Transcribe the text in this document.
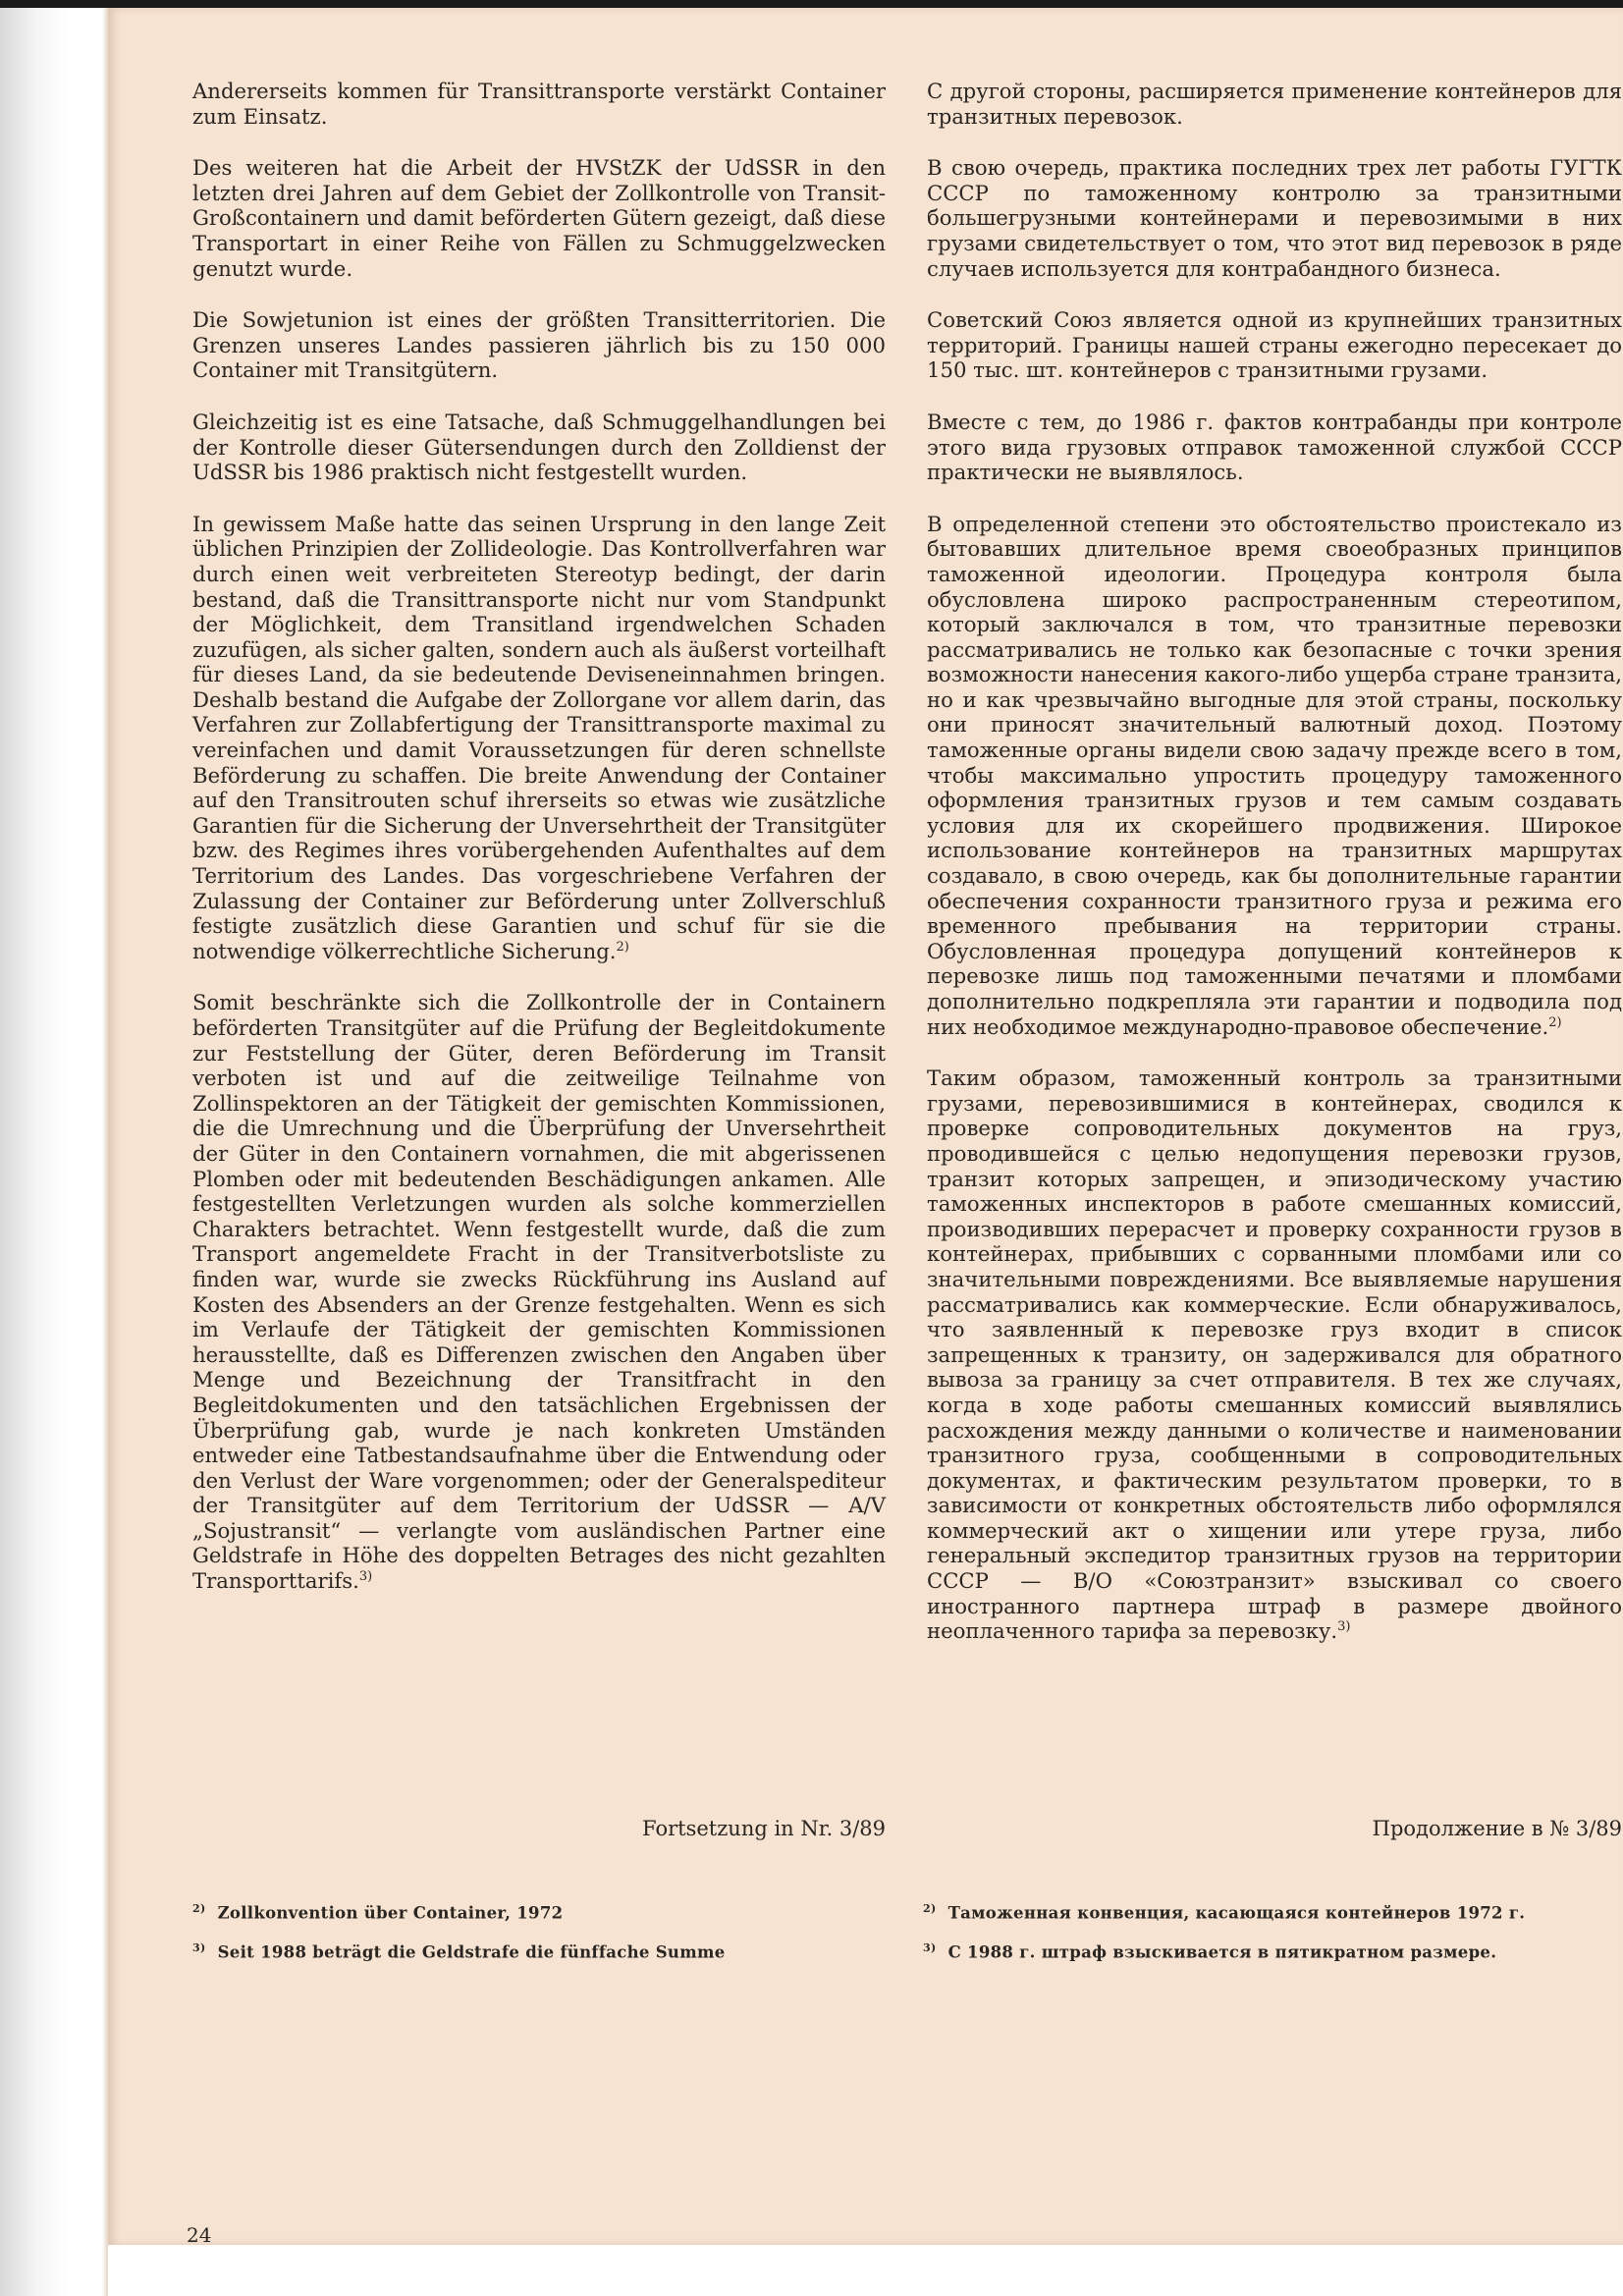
Andererseits kommen für Transittransporte verstärkt Container zum Einsatz.

Des weiteren hat die Arbeit der HVStZK der UdSSR in den letzten drei Jahren auf dem Gebiet der Zollkontrolle von Transit-Großcontainern und damit beförderten Gütern gezeigt, daß diese Transportart in einer Reihe von Fällen zu Schmuggelzwecken genutzt wurde.

Die Sowjetunion ist eines der größten Transitterritorien. Die Grenzen unseres Landes passieren jährlich bis zu 150 000 Container mit Transitgütern.

Gleichzeitig ist es eine Tatsache, daß Schmuggelhandlungen bei der Kontrolle dieser Gütersendungen durch den Zolldienst der UdSSR bis 1986 praktisch nicht festgestellt wurden.

In gewissem Maße hatte das seinen Ursprung in den lange Zeit üblichen Prinzipien der Zollideologie. Das Kontrollverfahren war durch einen weit verbreiteten Stereotyp bedingt, der darin bestand, daß die Transittransporte nicht nur vom Standpunkt der Möglichkeit, dem Transitland irgendwelchen Schaden zuzufügen, als sicher galten, sondern auch als äußerst vorteilhaft für dieses Land, da sie bedeutende Deviseneinnahmen bringen. Deshalb bestand die Aufgabe der Zollorgane vor allem darin, das Verfahren zur Zollabfertigung der Transittransporte maximal zu vereinfachen und damit Voraussetzungen für deren schnellste Beförderung zu schaffen. Die breite Anwendung der Container auf den Transitrouten schuf ihrerseits so etwas wie zusätzliche Garantien für die Sicherung der Unversehrtheit der Transitgüter bzw. des Regimes ihres vorübergehenden Aufenthaltes auf dem Territorium des Landes. Das vorgeschriebene Verfahren der Zulassung der Container zur Beförderung unter Zollverschluß festigte zusätzlich diese Garantien und schuf für sie die notwendige völkerrechtliche Sicherung.$^{2)}$

Somit beschränkte sich die Zollkontrolle der in Containern beförderten Transitgüter auf die Prüfung der Begleitdokumente zur Feststellung der Güter, deren Beförderung im Transit verboten ist und auf die zeitweilige Teilnahme von Zollinspektoren an der Tätigkeit der gemischten Kommissionen, die die Umrechnung und die Überprüfung der Unversehrtheit der Güter in den Containern vornahmen, die mit abgerissenen Plomben oder mit bedeutenden Beschädigungen ankamen. Alle festgestellten Verletzungen wurden als solche kommerziellen Charakters betrachtet. Wenn festgestellt wurde, daß die zum Transport angemeldete Fracht in der Transitverbotsliste zu finden war, wurde sie zwecks Rückführung ins Ausland auf Kosten des Absenders an der Grenze festgehalten. Wenn es sich im Verlaufe der Tätigkeit der gemischten Kommissionen herausstellte, daß es Differenzen zwischen den Angaben über Menge und Bezeichnung der Transitfracht in den Begleitdokumenten und den tatsächlichen Ergebnissen der Überprüfung gab, wurde je nach konkreten Umständen entweder eine Tatbestandsaufnahme über die Entwendung oder den Verlust der Ware vorgenommen; oder der Generalspediteur der Transitgüter auf dem Territorium der UdSSR — A/V „Sojustransit“ — verlangte vom ausländischen Partner eine Geldstrafe in Höhe des doppelten Betrages des nicht gezahlten Transporttarifs.$^{3)}$

С другой стороны, расширяется применение контейнеров для транзитных перевозок.

В свою очередь, практика последних трех лет работы ГУГТК СССР по таможенному контролю за транзитными большегрузными контейнерами и перевозимыми в них грузами свидетельствует о том, что этот вид перевозок в ряде случаев используется для контрабандного бизнеса.

Советский Союз является одной из крупнейших транзитных территорий. Границы нашей страны ежегодно пересекает до 150 тыс. шт. контейнеров с транзитными грузами.

Вместе с тем, до 1986 г. фактов контрабанды при контроле этого вида грузовых отправок таможенной службой СССР практически не выявлялось.

В определенной степени это обстоятельство проистекало из бытовавших длительное время своеобразных принципов таможенной идеологии. Процедура контроля была обусловлена широко распространенным стереотипом, который заключался в том, что транзитные перевозки рассматривались не только как безопасные с точки зрения возможности нанесения какого-либо ущерба стране транзита, но и как чрезвычайно выгодные для этой страны, поскольку они приносят значительный валютный доход. Поэтому таможенные органы видели свою задачу прежде всего в том, чтобы максимально упростить процедуру таможенного оформления транзитных грузов и тем самым создавать условия для их скорейшего продвижения. Широкое использование контейнеров на транзитных маршрутах создавало, в свою очередь, как бы дополнительные гарантии обеспечения сохранности транзитного груза и режима его временного пребывания на территории страны. Обусловленная процедура допущений контейнеров к перевозке лишь под таможенными печатями и пломбами дополнительно подкрепляла эти гарантии и подводила под них необходимое международно-правовое обеспечение.$^{2)}$

Таким образом, таможенный контроль за транзитными грузами, перевозившимися в контейнерах, сводился к проверке сопроводительных документов на груз, проводившейся с целью недопущения перевозки грузов, транзит которых запрещен, и эпизодическому участию таможенных инспекторов в работе смешанных комиссий, производивших перерасчет и проверку сохранности грузов в контейнерах, прибывших с сорванными пломбами или со значительными повреждениями. Все выявляемые нарушения рассматривались как коммерческие. Если обнаруживалось, что заявленный к перевозке груз входит в список запрещенных к транзиту, он задерживался для обратного вывоза за границу за счет отправителя. В тех же случаях, когда в ходе работы смешанных комиссий выявлялись расхождения между данными о количестве и наименовании транзитного груза, сообщенными в сопроводительных документах, и фактическим результатом проверки, то в зависимости от конкретных обстоятельств либо оформлялся коммерческий акт о хищении или утере груза, либо генеральный экспедитор транзитных грузов на территории СССР — В/О «Союзтранзит» взыскивал со своего иностранного партнера штраф в размере двойного неоплаченного тарифа за перевозку.$^{3)}$

Fortsetzung in Nr. 3/89	Продолжение в № 3/89
$^{2)}$ Zollkonvention über Container, 1972
$^{3)}$ Seit 1988 beträgt die Geldstrafe die fünffache Summe
$^{2)}$ Таможенная конвенция, касающаяся контейнеров 1972 г.
$^{3)}$ С 1988 г. штраф взыскивается в пятикратном размере.
24
